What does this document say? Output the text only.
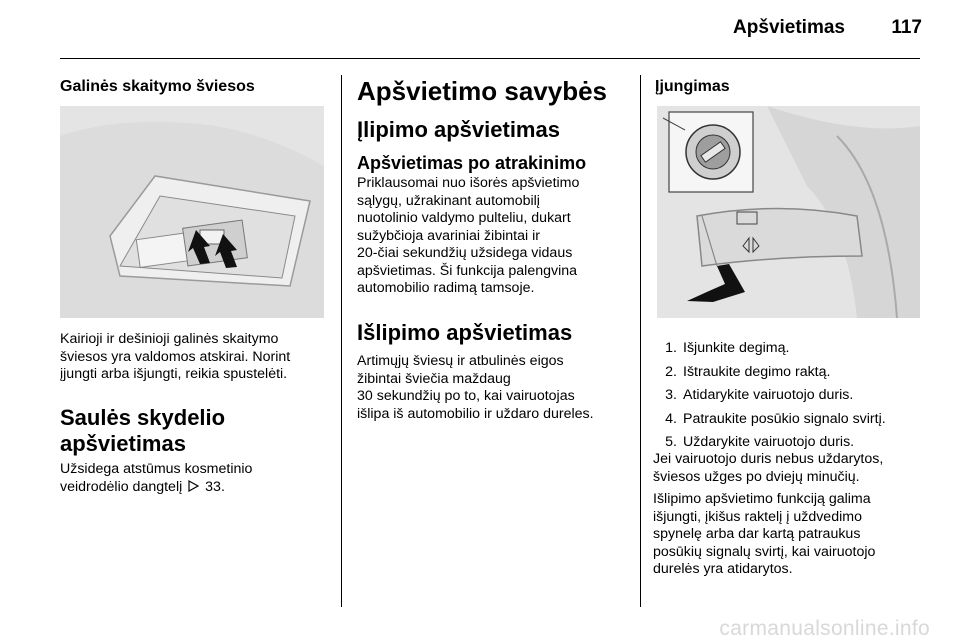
Apšvietimas	117
Galinės skaitymo šviesos
Kairioji ir dešinioji galinės skaitymo
šviesos yra valdomos atskirai. Norint
įjungti arba išjungti, reikia spustelėti.
Saulės skydelio
apšvietimas
Užsidega atstūmus kosmetinio
veidrodėlio dangtelį 33.
Apšvietimo savybės
Įlipimo apšvietimas
Apšvietimas po atrakinimo
Priklausomai nuo išorės apšvietimo
sąlygų, užrakinant automobilį
nuotolinio valdymo pulteliu, dukart
sužybčioja avariniai žibintai ir
20-čiai sekundžių užsidega vidaus
apšvietimas. Ši funkcija palengvina
automobilio radimą tamsoje.
Išlipimo apšvietimas
Artimųjų šviesų ir atbulinės eigos
žibintai šviečia maždaug
30 sekundžių po to, kai vairuotojas
išlipa iš automobilio ir uždaro dureles.
Įjungimas
1. Išjunkite degimą.
2. Ištraukite degimo raktą.
3. Atidarykite vairuotojo duris.
4. Patraukite posūkio signalo svirtį.
5. Uždarykite vairuotojo duris.
Jei vairuotojo duris nebus uždarytos,
šviesos užges po dviejų minučių.
Išlipimo apšvietimo funkciją galima
išjungti, įkišus raktelį į uždvedimo
spynelę arba dar kartą patraukus
posūkių signalų svirtį, kai vairuotojo
durelės yra atidarytos.
carmanualsonline.info
